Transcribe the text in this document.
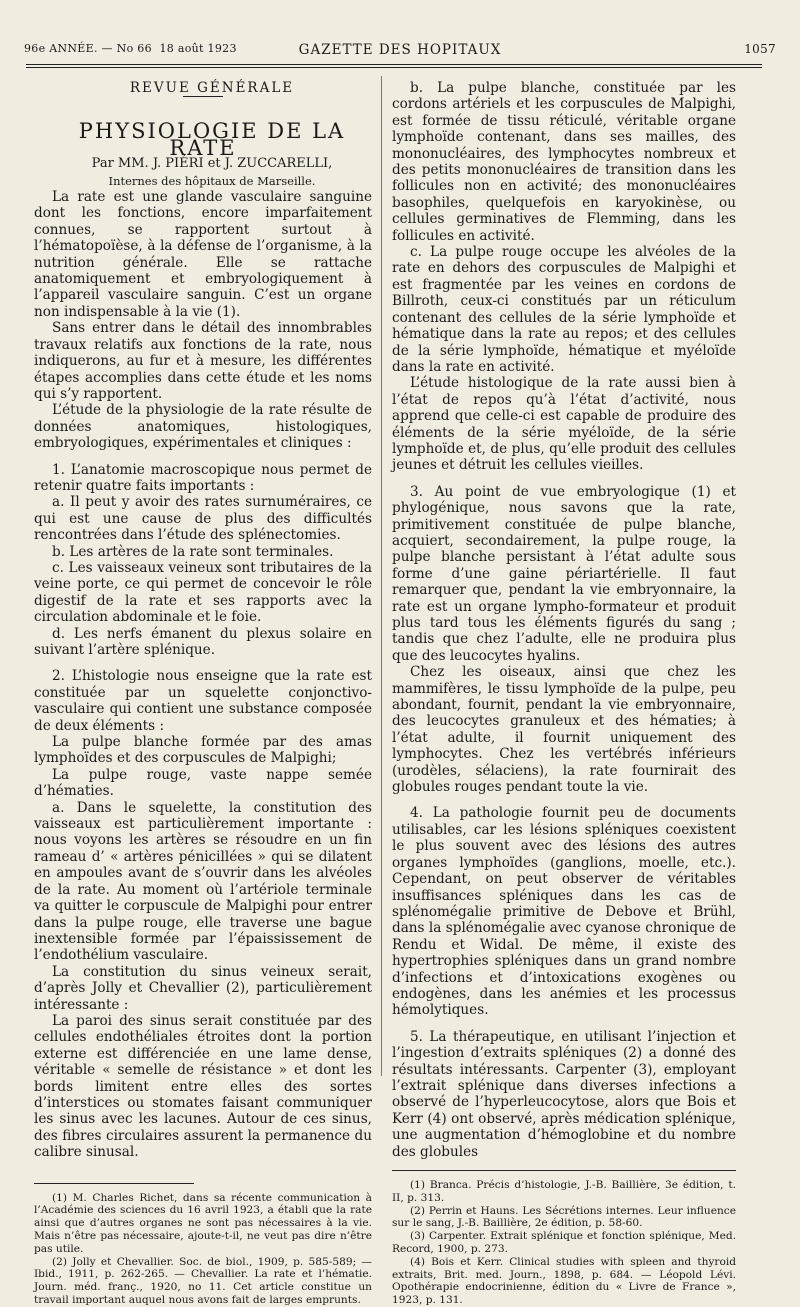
96e ANNÉE. — No 66 18 août 1923	GAZETTE DES HOPITAUX	1057

REVUE GÉNÉRALE

PHYSIOLOGIE DE LA RATE

Par MM. J. PIÉRI et J. ZUCCARELLI,

Internes des hôpitaux de Marseille.

La rate est une glande vasculaire sanguine dont les fonctions, encore imparfaitement connues, se rapportent surtout à l’hématopoïèse, à la défense de l’organisme, à la nutrition générale. Elle se rattache anatomiquement et embryologiquement à l’appareil vasculaire sanguin. C’est un organe non indispensable à la vie (1).

Sans entrer dans le détail des innombrables travaux relatifs aux fonctions de la rate, nous indiquerons, au fur et à mesure, les différentes étapes accomplies dans cette étude et les noms qui s’y rapportent.

L’étude de la physiologie de la rate résulte de données anatomiques, histologiques, embryologiques, expérimentales et cliniques :

1. L’anatomie macroscopique nous permet de retenir quatre faits importants :

a. Il peut y avoir des rates surnuméraires, ce qui est une cause de plus des difficultés rencontrées dans l’étude des splénectomies.

b. Les artères de la rate sont terminales.

c. Les vaisseaux veineux sont tributaires de la veine porte, ce qui permet de concevoir le rôle digestif de la rate et ses rapports avec la circulation abdominale et le foie.

d. Les nerfs émanent du plexus solaire en suivant l’artère splénique.

2. L’histologie nous enseigne que la rate est constituée par un squelette conjonctivo-vasculaire qui contient une substance composée de deux éléments :

La pulpe blanche formée par des amas lymphoïdes et des corpuscules de Malpighi;

La pulpe rouge, vaste nappe semée d’hématies.

a. Dans le squelette, la constitution des vaisseaux est particulièrement importante : nous voyons les artères se résoudre en un fin rameau d’ « artères pénicillées » qui se dilatent en ampoules avant de s’ouvrir dans les alvéoles de la rate. Au moment où l’artériole terminale va quitter le corpuscule de Malpighi pour entrer dans la pulpe rouge, elle traverse une bague inextensible formée par l’épaississement de l’endothélium vasculaire.

La constitution du sinus veineux serait, d’après Jolly et Chevallier (2), particulièrement intéressante :

La paroi des sinus serait constituée par des cellules endothéliales étroites dont la portion externe est différenciée en une lame dense, véritable « semelle de résistance » et dont les bords limitent entre elles des sortes d’interstices ou stomates faisant communiquer les sinus avec les lacunes. Autour de ces sinus, des fibres circulaires assurent la permanence du calibre sinusal.

(1) M. Charles Richet, dans sa récente communication à l’Académie des sciences du 16 avril 1923, a établi que la rate ainsi que d’autres organes ne sont pas nécessaires à la vie. Mais n’être pas nécessaire, ajoute-t-il, ne veut pas dire n’être pas utile.

(2) Jolly et Chevallier. Soc. de biol., 1909, p. 585-589; — Ibid., 1911, p. 262-265. — Chevallier. La rate et l’hématie. Journ. méd. franç., 1920, no 11. Cet article constitue un travail important auquel nous avons fait de larges emprunts.

b. La pulpe blanche, constituée par les cordons artériels et les corpuscules de Malpighi, est formée de tissu réticulé, véritable organe lymphoïde contenant, dans ses mailles, des mononucléaires, des lymphocytes nombreux et des petits mononucléaires de transition dans les follicules non en activité; des mononucléaires basophiles, quelquefois en karyokinèse, ou cellules germinatives de Flemming, dans les follicules en activité.

c. La pulpe rouge occupe les alvéoles de la rate en dehors des corpuscules de Malpighi et est fragmentée par les veines en cordons de Billroth, ceux-ci constitués par un réticulum contenant des cellules de la série lymphoïde et hématique dans la rate au repos; et des cellules de la série lymphoïde, hématique et myéloïde dans la rate en activité.

L’étude histologique de la rate aussi bien à l’état de repos qu’à l’état d’activité, nous apprend que celle-ci est capable de produire des éléments de la série myéloïde, de la série lymphoïde et, de plus, qu’elle produit des cellules jeunes et détruit les cellules vieilles.

3. Au point de vue embryologique (1) et phylogénique, nous savons que la rate, primitivement constituée de pulpe blanche, acquiert, secondairement, la pulpe rouge, la pulpe blanche persistant à l’état adulte sous forme d’une gaine périartérielle. Il faut remarquer que, pendant la vie embryonnaire, la rate est un organe lympho-formateur et produit plus tard tous les éléments figurés du sang ; tandis que chez l’adulte, elle ne produira plus que des leucocytes hyalins.

Chez les oiseaux, ainsi que chez les mammifères, le tissu lymphoïde de la pulpe, peu abondant, fournit, pendant la vie embryonnaire, des leucocytes granuleux et des hématies; à l’état adulte, il fournit uniquement des lymphocytes. Chez les vertébrés inférieurs (urodèles, sélaciens), la rate fournirait des globules rouges pendant toute la vie.

4. La pathologie fournit peu de documents utilisables, car les lésions spléniques coexistent le plus souvent avec des lésions des autres organes lymphoïdes (ganglions, moelle, etc.). Cependant, on peut observer de véritables insuffisances spléniques dans les cas de splénomégalie primitive de Debove et Brühl, dans la splénomégalie avec cyanose chronique de Rendu et Widal. De même, il existe des hypertrophies spléniques dans un grand nombre d’infections et d’intoxications exogènes ou endogènes, dans les anémies et les processus hémolytiques.

5. La thérapeutique, en utilisant l’injection et l’ingestion d’extraits spléniques (2) a donné des résultats intéressants. Carpenter (3), employant l’extrait splénique dans diverses infections a observé de l’hyperleucocytose, alors que Bois et Kerr (4) ont observé, après médication splénique, une augmentation d’hémoglobine et du nombre des globules

(1) Branca. Précis d’histologie, J.-B. Baillière, 3e édition, t. II, p. 313.

(2) Perrin et Hauns. Les Sécrétions internes. Leur influence sur le sang, J.-B. Baillière, 2e édition, p. 58-60.

(3) Carpenter. Extrait splénique et fonction splénique, Med. Record, 1900, p. 273.

(4) Bois et Kerr. Clinical studies with spleen and thyroid extraits, Brit. med. Journ., 1898, p. 684. — Léopold Lévi. Opothérapie endocrinienne, édition du « Livre de France », 1923, p. 131.
